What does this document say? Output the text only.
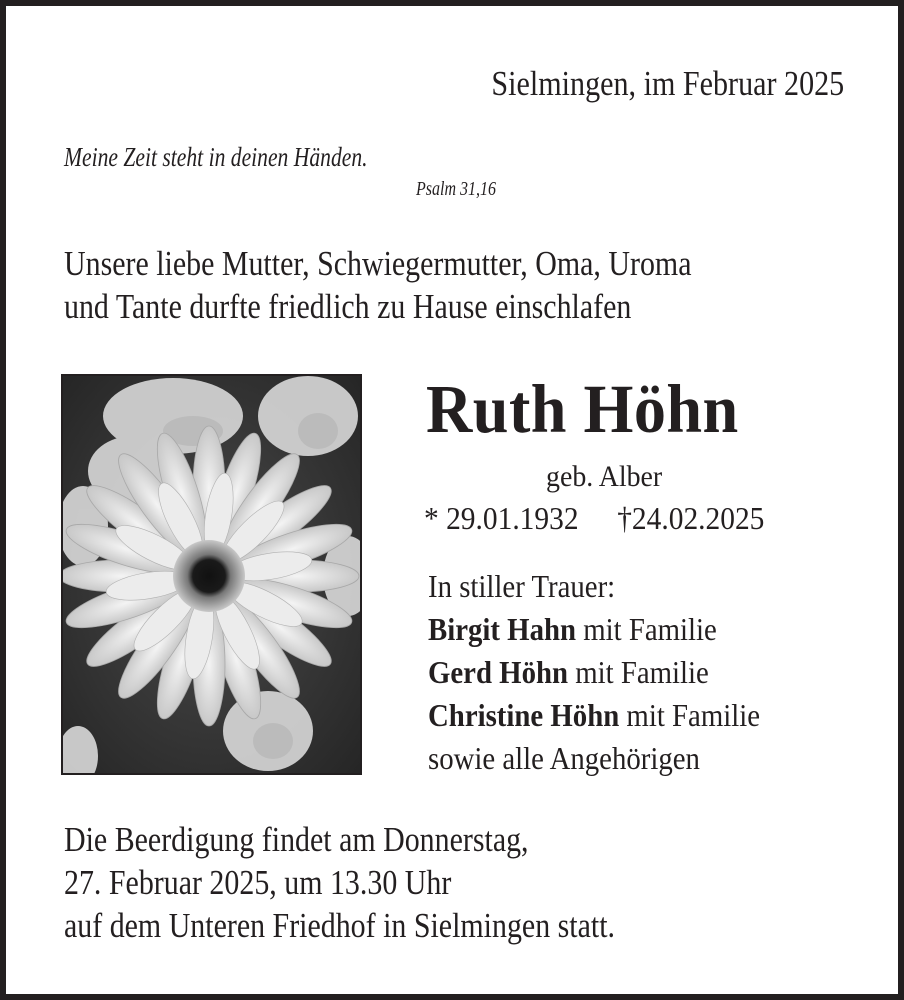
Sielmingen, im Februar 2025
Meine Zeit steht in deinen Händen.
Psalm 31,16
Unsere liebe Mutter, Schwiegermutter, Oma, Uroma
und Tante durfte friedlich zu Hause einschlafen
Ruth Höhn
geb. Alber
* 29.01.1932 †24.02.2025
In stiller Trauer:
Birgit Hahn mit Familie
Gerd Höhn mit Familie
Christine Höhn mit Familie
sowie alle Angehörigen
Die Beerdigung findet am Donnerstag,
27. Februar 2025, um 13.30 Uhr
auf dem Unteren Friedhof in Sielmingen statt.
